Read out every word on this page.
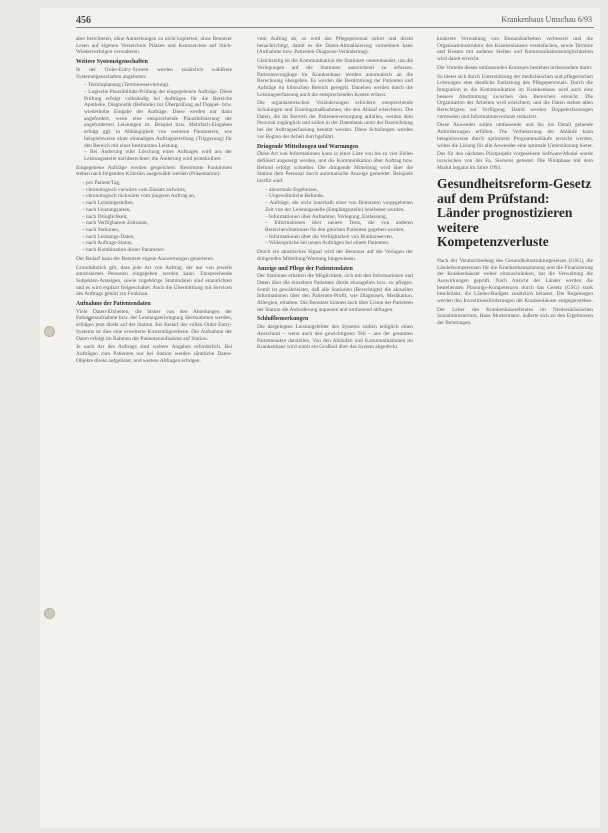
456	Krankenhaus Umschau 6/93

aber berichteten, ohne Anmerkungen zu nicht kopierten, ohne Benutzer Lesen auf eigenen Verzeichnis Plätzen und Kennzeichen auf Stich-Wiederverfolgen verwalteten.

Weitere Systemeigenschaften

In der Order-Entry-System werden zusätzlich wahlfreie Systemeigenschaften angeboten:

– Terminplanung (Terminreservierung).
– Logische Plausibilitäts-Prüfung der eingegebenen Aufträge. Diese Prüfung erfolgt vollständig bei Aufträgen für die Bereiche Apotheke, Diagnostik (Befunde) zur Überprüfung auf Doppel- bzw. wiederholte Eingabe der Aufträge. Diese werden nur dann angefordert, wenn eine entsprechende Plausibilisierung der angeforderten Leistungen ist. Beispiel bzw. Mehrfach-Eingaben erfolgt ggf. in Abhängigkeit von weiteren Parametern, wie beispielsweise einer einmaligen Auftragserteilung (Triggerung) für den Bereich mit einer bestimmten Leistung.
– Bei Änderung oder Löschung eines Auftrages wird aus der Leistungsstelle nachberechnet; die Änderung wird protokolliert.

Eingegebene Aufträge werden gespeichert. Bestimmte Funktionen stehen nach folgenden Kriterien ausgewählt werden (Präsentation):

– pro Patient/Tag,
– chronologisch vorwärts vom Einsatz aufwärts,
– chronologisch rückwärts vom jüngsten Auftrag an,
– nach Leistungsstellen,
– nach Leistungsarten,
– nach Dringlichkeit,
– nach Verfügbarem Zeitraum,
– nach Stationen,
– nach Leistungs-Daten,
– nach Auftrags-Status,
– nach Kombination dieser Parameter.

Der Bedarf kann der Benutzer eigene Auswertungen generieren.

Grundsätzlich gilt, dass jede Art von Auftrag, der nur von jeweils autorisierten Personen eingegeben werden kann. Entsprechende Subjekten-Anzeigen, sowie zugehörige Stammdaten sind einzurichten und es wird explizit freigeschaltet. Auch die Übermittlung mit Servicen des Auftrags gehört zur Funktion.

Aufnahme der Patientendaten

Viele Daten-Einheiten, die bisher von den Abteilungen der Patientenaufnahme bzw. der Leistungserbringung übernommen werden, erfolgen jetzt direkt auf der Station. Bei Bedarf des vollen Order-Entry-Systems ist dies eine erweiterte Kostenträgerebene. Die Aufnahme der Daten erfolgt im Rahmen der Patientenaufnahme auf Station.

Je nach Art des Auftrags sind weitere Angaben erforderlich. Bei Aufträgen zum Patienten nur bei Station werden sämtliche Daten-Objekte direkt aufgelistet, und weitere Abfragen erfolgen.

vom Auftrag ab, so wird das Pflegepersonal sofort und direkt benachrichtigt, damit es die Daten-Aktualisierung vornehmen kann (Aufnahme bzw. Patienten-Diagnose-Veränderung).

Gleichzeitig ist die Kommunikation der Stationen untereinander, um die Verlegungen auf die Stationen ausreichend zu erfassen. Patientenvorgänge im Krankenhaus werden automatisch an die Berechnung übergeben. Es werden die Bestimmung der Patienten und Aufträge im klinischen Bereich geregelt. Daneben werden durch die Leistungserfassung auch die entsprechenden Kosten erfasst.

Die organisatorischen Veränderungen erfordern entsprechende Schulungen und Trainingsmaßnahmen, die den Ablauf erleichtern. Die Daten, die im Bereich der Patientenversorgung anfallen, werden dem Personal zugänglich und sollen in der Datenbank unter der Bezeichnung bei der Auftragserfassung benutzt werden. Diese Schulungen werden vor Beginn der Arbeit durchgeführt.

Dringende Mitteilungen und Warnungen

Diese Art von Informationen kann in einer Liste von bis zu vier Zeilen definiert angezeigt werden, und die Kommunikation über Auftrag bzw. Befund erfolgt schneller. Die dringende Mitteilung wird über die Station dem Personal durch automatische Anzeige gemeldet. Beispiele hierfür sind:

– abnormale Ergebnisse,
– Ungewöhnliche Befunde,
– Aufträge, die nicht innerhalb einer von Benutzern vorgegebenen Zeit von der Leistungsstelle (Empfangsstelle) bearbeitet wurden,
– Informationen über Aufnahme, Verlegung, Entlassung,
– Informationen über neuere Tests, die von anderen Bereichen/Stationen für den gleichen Patienten gegeben wurden,
– Informationen über die Verfügbarkeit von Blutkonserven,
– Widersprüche bei neuen Aufträgen bei einem Patienten.

Durch ein akustisches Signal wird der Benutzer auf die Vorlagen der dringenden Mitteilung/Warnung hingewiesen.

Anzeige und Pflege der Patientendaten

Der Stationen erhalten die Möglichkeit, sich mit den Informationen und Daten über die einzelnen Patienten direkt einzugeben bzw. zu pflegen. Somit ist gewährleistet, daß alle Stationen (Berechtigte) die aktuellen Informationen über den Patienten-Profil, wie Diagnosen, Medikation, Allergien, erhalten. Die Benutzer können auch über Listen der Patienten der Station die Anforderung anpassen und umfassend abfragen.

Schlußbemerkungen

Die dargelegten Leistungsfelder des Systems sollten lediglich einen Ausschnitt – wenn auch den gewichtigsten Teil – aus der gesamten Patientenakte darstellen. Von den Abläufen und Kommunikationen im Krankenhaus wird somit ein Großteil über das System abgedeckt.

konkrete Verwaltung von Bestandsarbeiten verbessert und die Organisationsstruktur des Krankenhauses vereinfachen, sowie Termine und Kosten mit anderen Stellen und Kommunikationsmöglichkeiten wird damit erreicht.

Die Vorteile dieses umfassenden Konzepts bestehen insbesondere darin:

So bietet sich durch Unterstützung der medizinischen und pflegerischen Leistungen eine deutliche Entlastung des Pflegepersonals. Durch die Integration in die Kommunikation im Krankenhaus wird auch eine bessere Abstimmung zwischen den Bereichen erreicht. Die Organisation der Arbeiten wird erleichtert, und die Daten stehen allen Berechtigten zur Verfügung. Damit werden Doppelerfassungen vermieden und Informationsverluste reduziert.

Diese Anwender sollen umfassende und bis ins Detail gehende Anforderungen erfüllen. Die Verbesserung der Abläufe kann beispielsweise durch optimierte Programmabläufe erreicht werden, wobei die Lösung für alle Anwender eine optimale Unterstützung bietet.

Das für den nächsten Pilotprojekt vorgesehene Software-Modul wurde inzwischen von der Fa. Siemens getestet. Die Pilotphase mit dem Modul begann im Jahre 1993.

Gesundheitsreform-Gesetz auf dem Prüfstand: Länder prognostizieren weitere Kompetenzverluste

Nach der Verabschiedung des Gesundheitsstrukturgesetzes (GSG), die Länderkompetenzen für die Krankenhausplanung und die Finanzierung der Krankenhäuser weiter einzuschränken, hat die Verwaltung die Auswirkungen geprüft. Nach Ansicht der Länder werden die bestehenden Planungs-Kompetenzen durch das Gesetz (GSG) stark beschränkt, die Länder-Budgets zusätzlich belastet. Die Regelungen werden den Investitionsförderungen der Krankenhäuser entgegenstehen.

Der Leiter des Krankenhausreferates im Niedersächsischen Sozialministerium, Hans Mustermann, äußerte sich zu den Ergebnissen der Beratungen.
